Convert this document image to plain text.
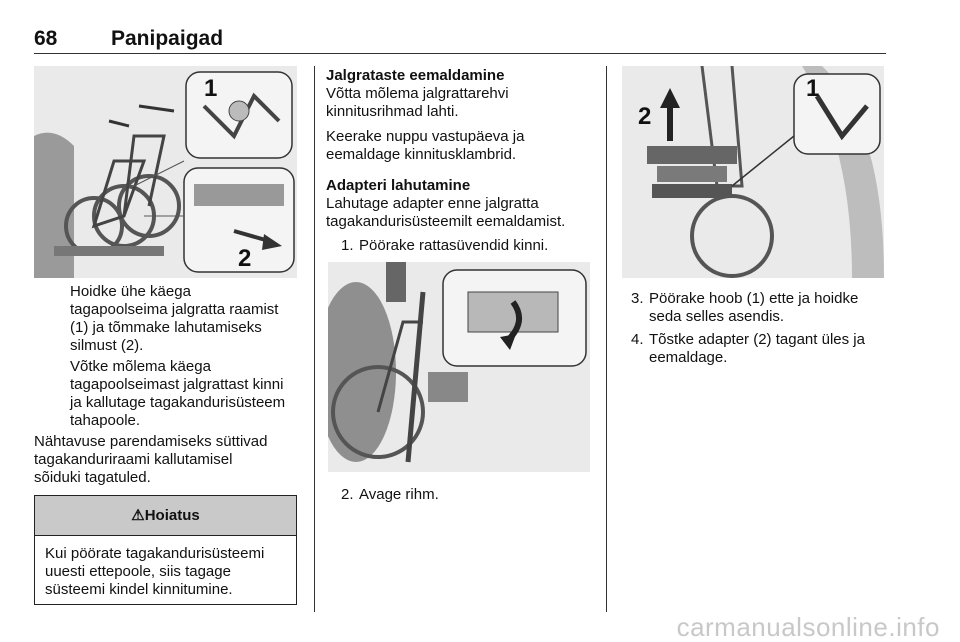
68	Panipaigad
1
2
Hoidke ühe käega
tagapoolseima jalgratta raamist
(1) ja tõmmake lahutamiseks
silmust (2).
Võtke mõlema käega
tagapoolseimast jalgrattast kinni
ja kallutage tagakandurisüsteem
tahapoole.
Nähtavuse parendamiseks süttivad
tagakanduriraami kallutamisel
sõiduki tagatuled.
⚠Hoiatus
Kui pöörate tagakandurisüsteemi
uuesti ettepoole, siis tagage
süsteemi kindel kinnitumine.
Jalgrataste eemaldamine
Võtta mõlema jalgrattarehvi
kinnitusrihmad lahti.
Keerake nuppu vastupäeva ja
eemaldage kinnitusklambrid.
Adapteri lahutamine
Lahutage adapter enne jalgratta
tagakandurisüsteemilt eemaldamist.
1. Pöörake rattasüvendid kinni.
2. Avage rihm.
1
2
3. Pöörake hoob (1) ette ja hoidke
seda selles asendis.
4. Tõstke adapter (2) tagant üles ja
eemaldage.
carmanualsonline.info
